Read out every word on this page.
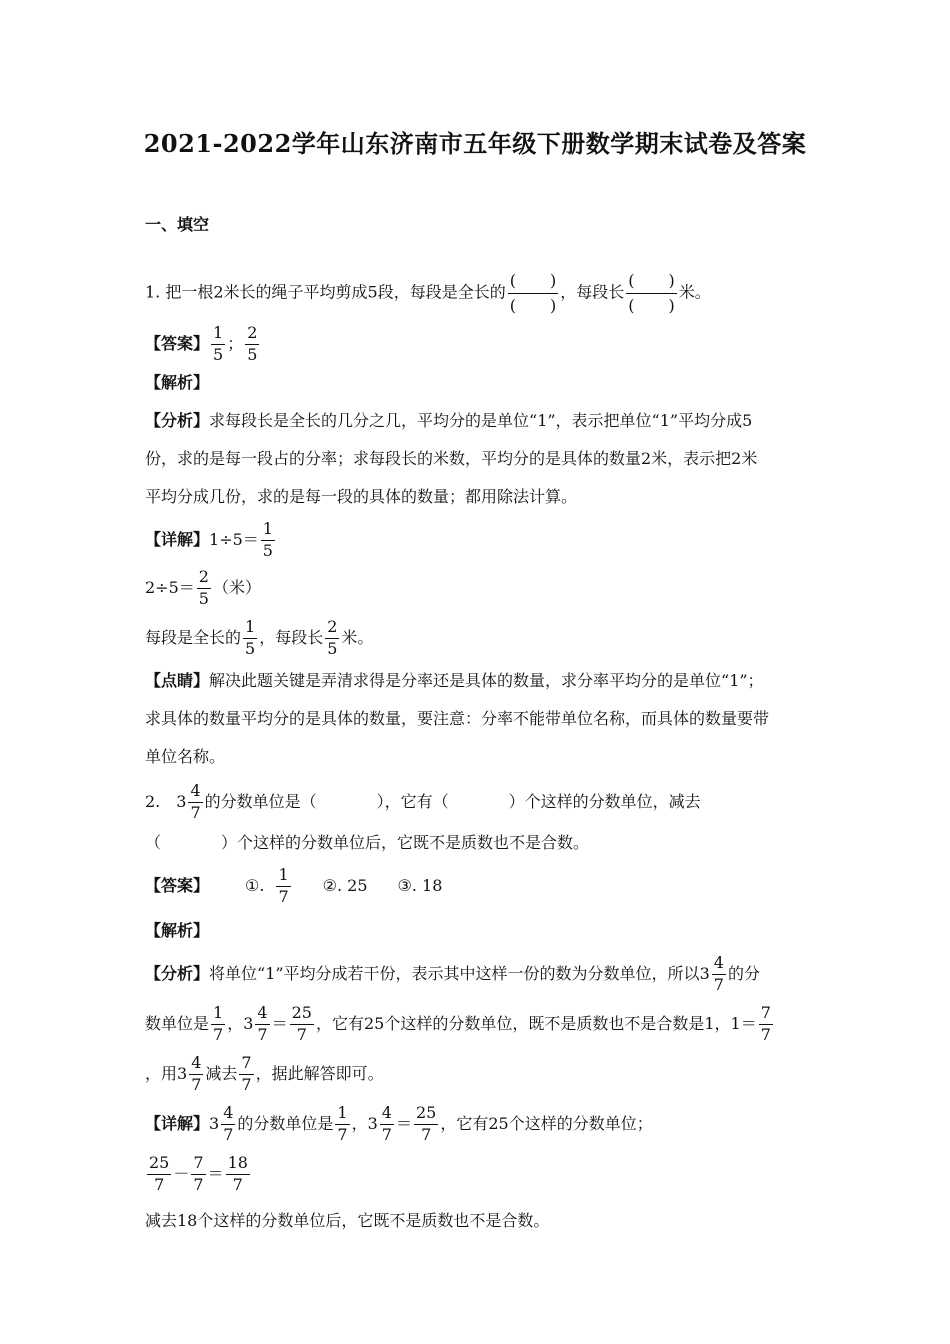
2021-2022学年山东济南市五年级下册数学期末试卷及答案
一、填空
1. 把一根2米长的绳子平均剪成5段，每段是全长的 $\frac{( )}{( )}$ ，每段长 $\frac{( )}{( )}$ 米。
【答案】 $\frac{1}{5}$ ； $\frac{2}{5}$
【解析】
【分析】求每段长是全长的几分之几，平均分的是单位“1”，表示把单位“1”平均分成5
份，求的是每一段占的分率；求每段长的米数，平均分的是具体的数量2米，表示把2米
平均分成几份，求的是每一段的具体的数量；都用除法计算。
【详解】$1\div 5= \frac{1}{5}$
$2\div 5= \frac{2}{5}$ （米）
每段是全长的 $\frac{1}{5}$ ，每段长 $\frac{2}{5}$ 米。
【点睛】解决此题关键是弄清求得是分率还是具体的数量，求分率平均分的是单位“1”；
求具体的数量平均分的是具体的数量，要注意：分率不能带单位名称，而具体的数量要带
单位名称。
2. $3 \frac{4}{7}$ 的分数单位是（	），它有（	）个这样的分数单位，减去
（	）个这样的分数单位后，它既不是质数也不是合数。
【答案】 ①. $\frac{1}{7}$ ②. 25 ③. 18
【解析】
【分析】将单位“1”平均分成若干份，表示其中这样一份的数为分数单位，所以$3 \frac{4}{7}$ 的分
数单位是 $\frac{1}{7}$ ，$3 \frac{4}{7} = \frac{25}{7}$ ，它有25个这样的分数单位，既不是质数也不是合数是1，$1= \frac{7}{7}$
，用$3 \frac{4}{7}$ 减去 $\frac{7}{7}$ ，据此解答即可。
【详解】$3 \frac{4}{7}$ 的分数单位是 $\frac{1}{7}$ ，$3 \frac{4}{7} = \frac{25}{7}$ ，它有25个这样的分数单位；
$\frac{25}{7} - \frac{7}{7} = \frac{18}{7}$
减去18个这样的分数单位后，它既不是质数也不是合数。
